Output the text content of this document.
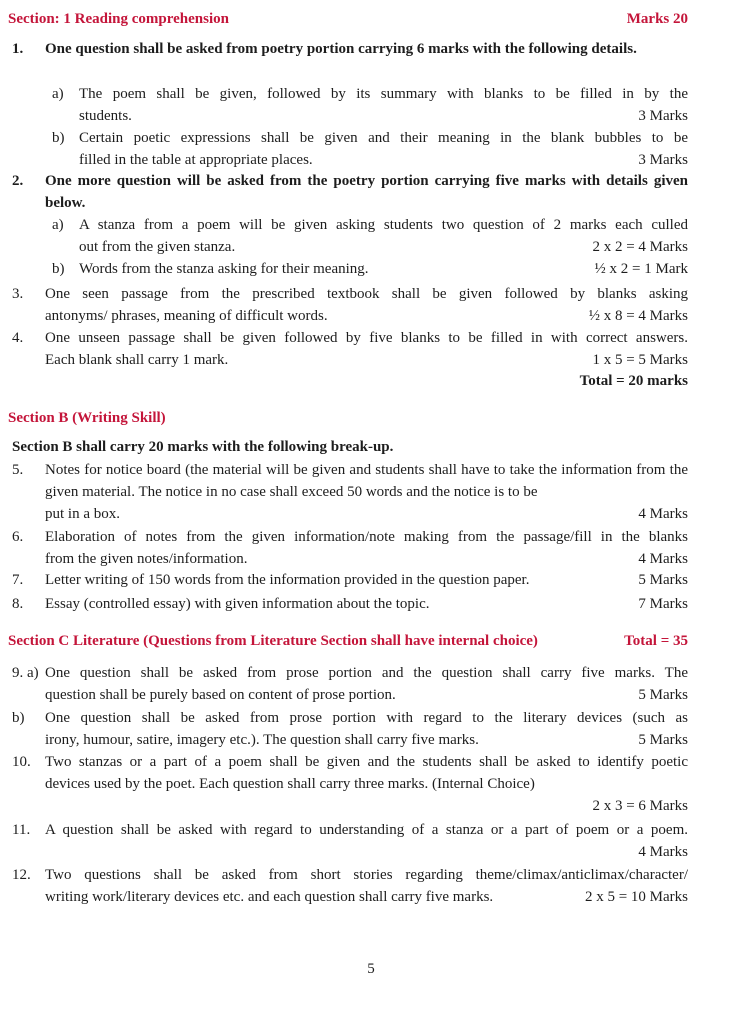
Section: 1 Reading comprehension	Marks 20
1. One question shall be asked from poetry portion carrying 6 marks with the following details.
a) The poem shall be given, followed by its summary with blanks to be filled in by the
students.	3 Marks
b) Certain poetic expressions shall be given and their meaning in the blank bubbles to be
filled in the table at appropriate places.	3 Marks
2. One more question will be asked from the poetry portion carrying five marks with details given below.
a) A stanza from a poem will be given asking students two question of 2 marks each culled
out from the given stanza.	2 x 2 = 4 Marks
b) Words from the stanza asking for their meaning.	½ x 2 = 1 Mark
3. One seen passage from the prescribed textbook shall be given followed by blanks asking
antonyms/ phrases, meaning of difficult words.	½ x 8 = 4 Marks
4. One unseen passage shall be given followed by five blanks to be filled in with correct answers.
Each blank shall carry 1 mark.	1 x 5 = 5 Marks
Total = 20 marks
Section B (Writing Skill)
Section B shall carry 20 marks with the following break-up.
5. Notes for notice board (the material will be given and students shall have to take the information from the given material. The notice in no case shall exceed 50 words and the notice is to be
put in a box.	4 Marks
6. Elaboration of notes from the given information/note making from the passage/fill in the blanks
from the given notes/information.	4 Marks
7. Letter writing of 150 words from the information provided in the question paper.	5 Marks
8. Essay (controlled essay) with given information about the topic.	7 Marks
Section C Literature (Questions from Literature Section shall have internal choice)	Total = 35
9. a) One question shall be asked from prose portion and the question shall carry five marks. The
question shall be purely based on content of prose portion.	5 Marks
b) One question shall be asked from prose portion with regard to the literary devices (such as
irony, humour, satire, imagery etc.). The question shall carry five marks.	5 Marks
10. Two stanzas or a part of a poem shall be given and the students shall be asked to identify poetic
devices used by the poet. Each question shall carry three marks. (Internal Choice)
2 x 3 = 6 Marks
11. A question shall be asked with regard to understanding of a stanza or a part of poem or a poem.
4 Marks
12. Two questions shall be asked from short stories regarding theme/climax/anticlimax/character/
writing work/literary devices etc. and each question shall carry five marks.	2 x 5 = 10 Marks
5
